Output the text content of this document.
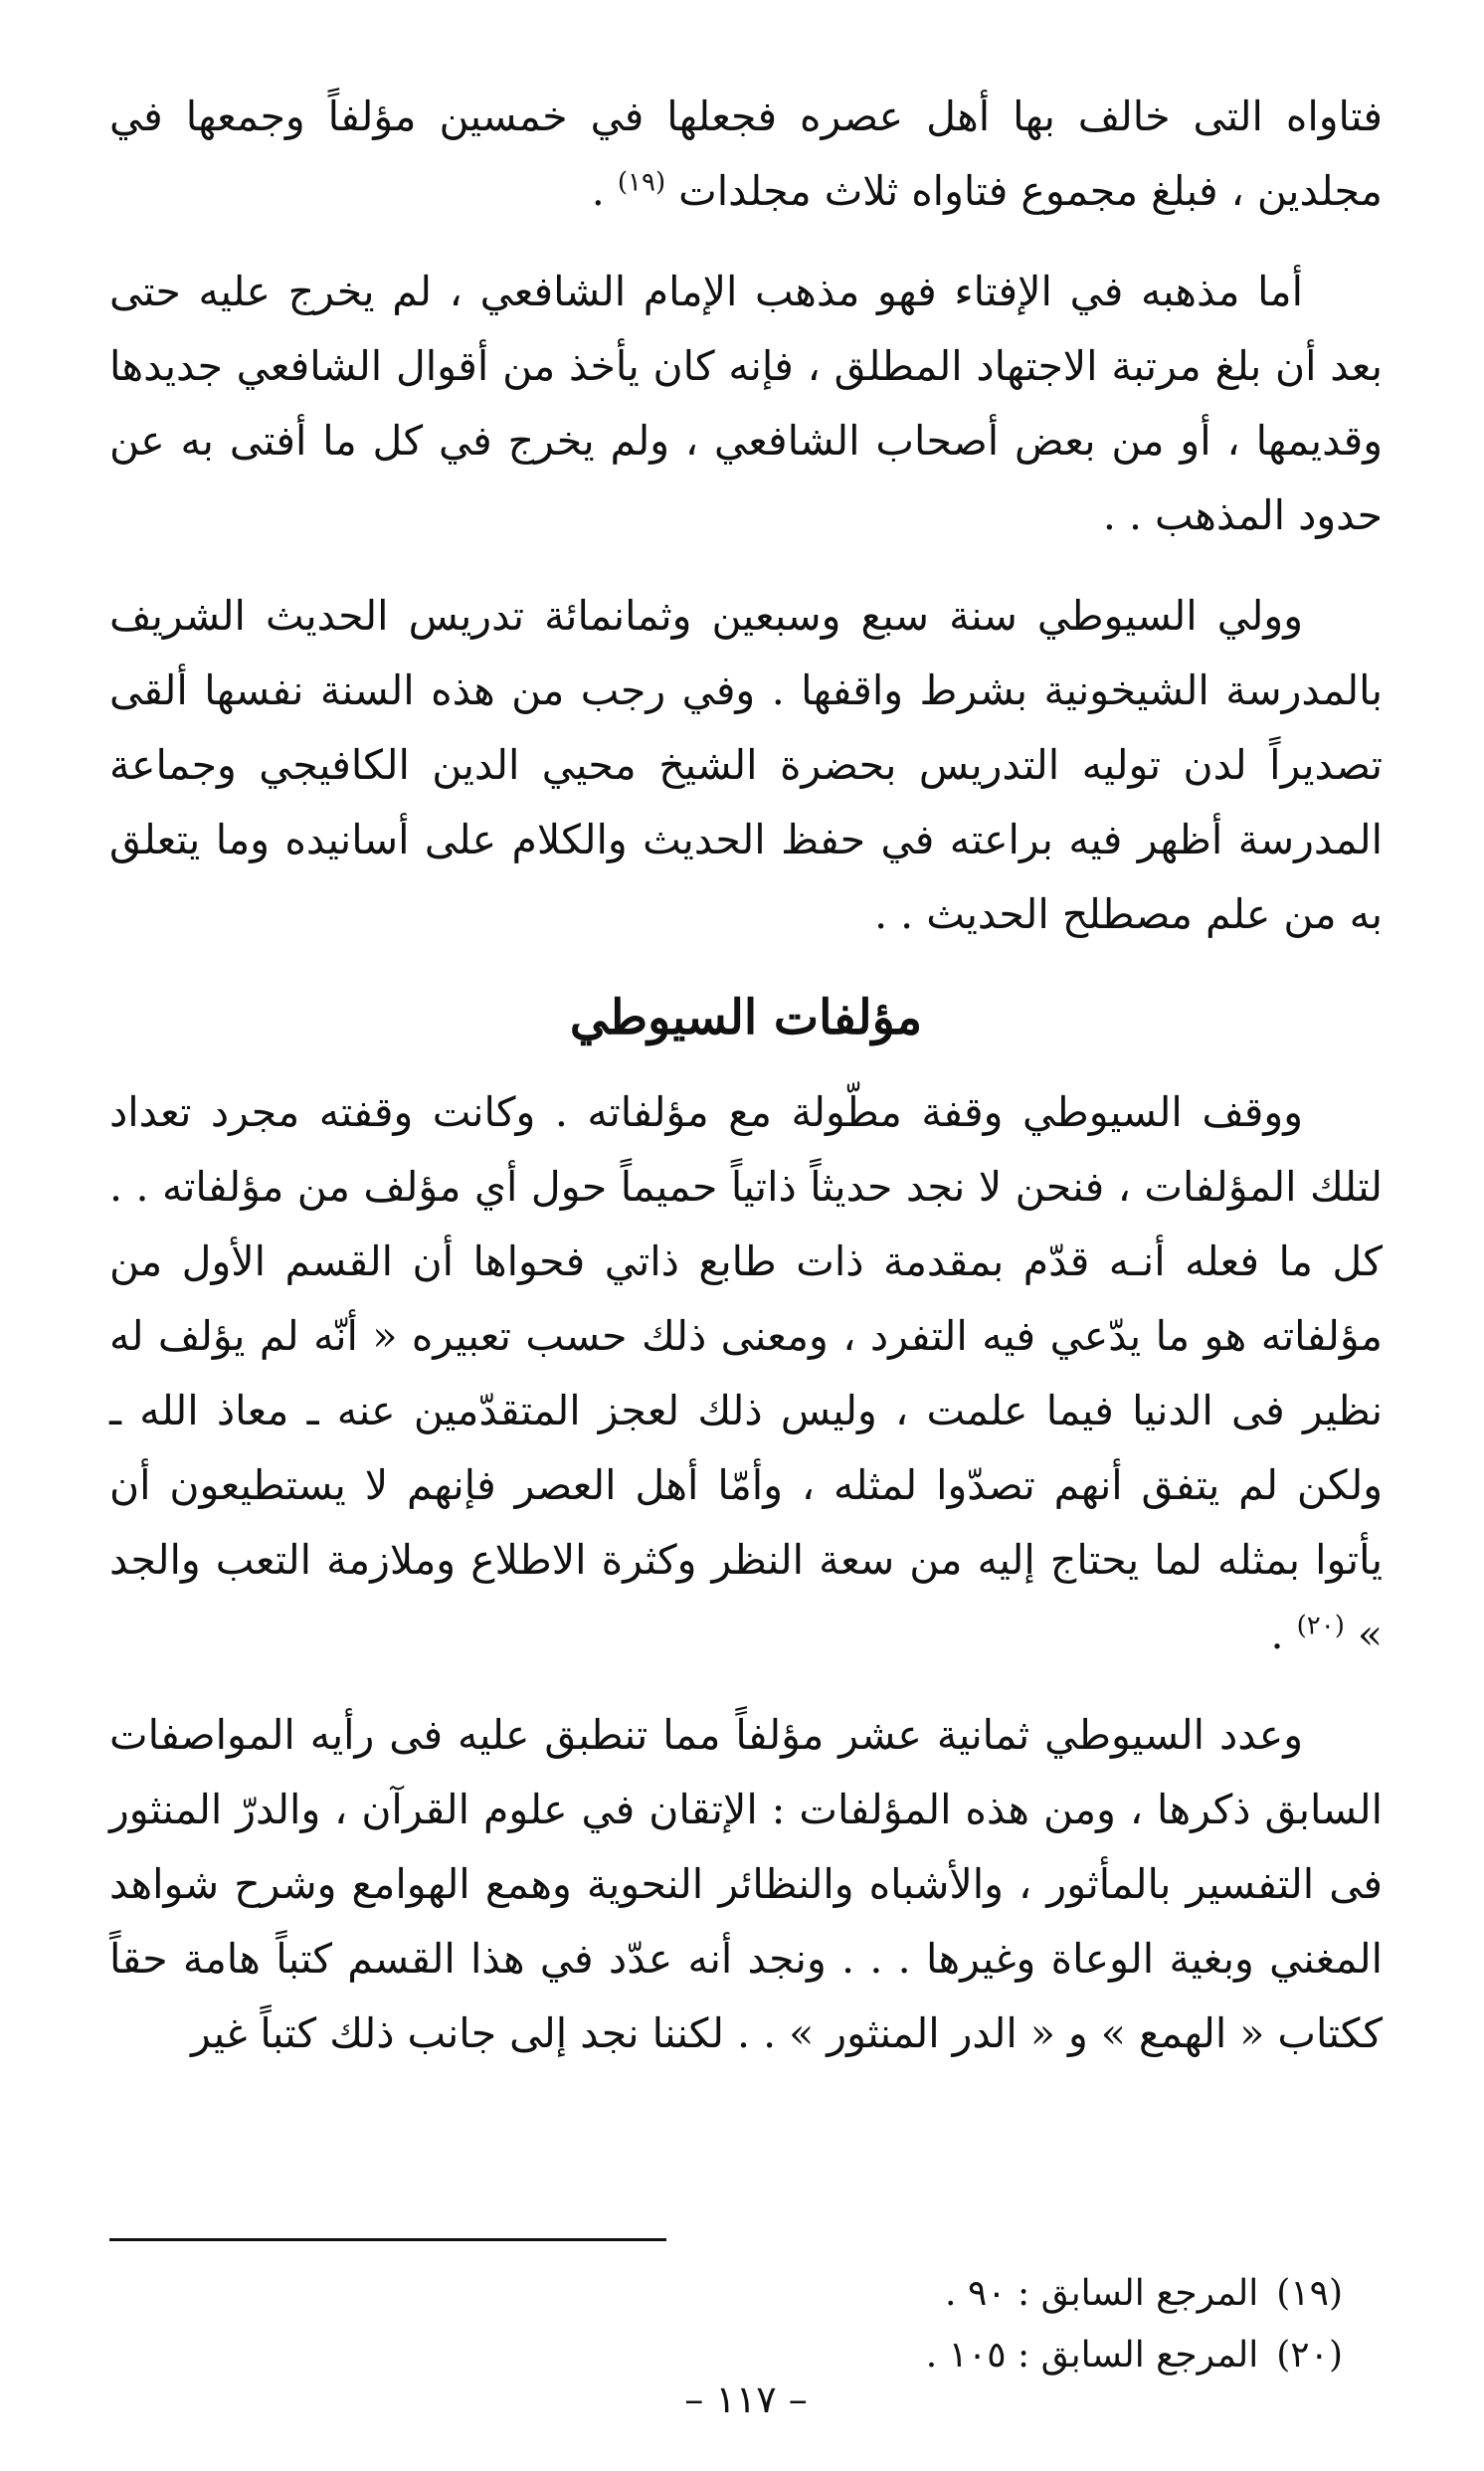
فتاواه التى خالف بها أهل عصره فجعلها في خمسين مؤلفاً وجمعها في مجلدين ، فبلغ مجموع فتاواه ثلاث مجلدات $^{(١٩)}$ .

أما مذهبه في الإفتاء فهو مذهب الإمام الشافعي ، لم يخرج عليه حتى بعد أن بلغ مرتبة الاجتهاد المطلق ، فإنه كان يأخذ من أقوال الشافعي جديدها وقديمها ، أو من بعض أصحاب الشافعي ، ولم يخرج في كل ما أفتى به عن حدود المذهب . .

وولي السيوطي سنة سبع وسبعين وثمانمائة تدريس الحديث الشريف بالمدرسة الشيخونية بشرط واقفها . وفي رجب من هذه السنة نفسها ألقى تصديراً لدن توليه التدريس بحضرة الشيخ محيي الدين الكافيجي وجماعة المدرسة أظهر فيه براعته في حفظ الحديث والكلام على أسانيده وما يتعلق به من علم مصطلح الحديث . .

مؤلفات السيوطي

ووقف السيوطي وقفة مطّولة مع مؤلفاته . وكانت وقفته مجرد تعداد لتلك المؤلفات ، فنحن لا نجد حديثاً ذاتياً حميماً حول أي مؤلف من مؤلفاته . . كل ما فعله أنـه قدّم بمقدمة ذات طابع ذاتي فحواها أن القسم الأول من مؤلفاته هو ما يدّعي فيه التفرد ، ومعنى ذلك حسب تعبيره « أنّه لم يؤلف له نظير فى الدنيا فيما علمت ، وليس ذلك لعجز المتقدّمين عنه ـ معاذ الله ـ ولكن لم يتفق أنهم تصدّوا لمثله ، وأمّا أهل العصر فإنهم لا يستطيعون أن يأتوا بمثله لما يحتاج إليه من سعة النظر وكثرة الاطلاع وملازمة التعب والجد » $^{(٢٠)}$ .

وعدد السيوطي ثمانية عشر مؤلفاً مما تنطبق عليه فى رأيه المواصفات السابق ذكرها ، ومن هذه المؤلفات : الإتقان في علوم القرآن ، والدرّ المنثور فى التفسير بالمأثور ، والأشباه والنظائر النحوية وهمع الهوامع وشرح شواهد المغني وبغية الوعاة وغيرها . . . ونجد أنه عدّد في هذا القسم كتباً هامة حقاً ككتاب « الهمع » و « الدر المنثور » . . لكننا نجد إلى جانب ذلك كتباً غير

(١٩)المرجع السابق : ٩٠ .
(٢٠)المرجع السابق : ١٠٥ .
– ١١٧ –
